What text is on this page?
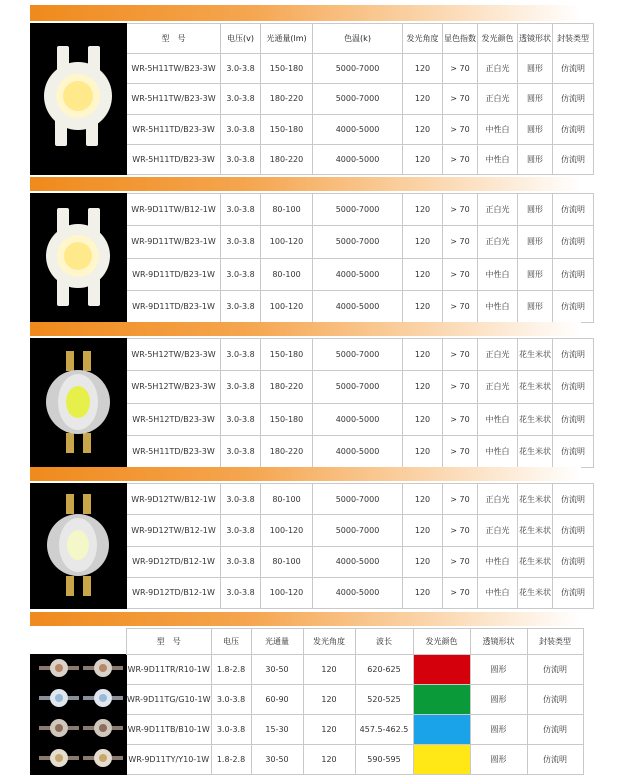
	型　号	电压(v)	光通量(lm)	色温(k)	发光角度	显色指数	发光颜色	透镜形状	封装类型
	WR-5H11TW/B23-3W	3.0-3.8	150-180	5000-7000	120	> 70	正白光	圆形	仿流明
	WR-5H11TW/B23-3W	3.0-3.8	180-220	5000-7000	120	> 70	正白光	圆形	仿流明
	WR-5H11TD/B23-3W	3.0-3.8	150-180	4000-5000	120	> 70	中性白	圆形	仿流明
	WR-5H11TD/B23-3W	3.0-3.8	180-220	4000-5000	120	> 70	中性白	圆形	仿流明
	WR-9D11TW/B12-1W	3.0-3.8	80-100	5000-7000	120	> 70	正白光	圆形	仿流明
	WR-9D11TW/B23-1W	3.0-3.8	100-120	5000-7000	120	> 70	正白光	圆形	仿流明
	WR-9D11TD/B23-1W	3.0-3.8	80-100	4000-5000	120	> 70	中性白	圆形	仿流明
	WR-9D11TD/B23-1W	3.0-3.8	100-120	4000-5000	120	> 70	中性白	圆形	仿流明
	WR-5H12TW/B23-3W	3.0-3.8	150-180	5000-7000	120	> 70	正白光	花生米状	仿流明
	WR-5H12TW/B23-3W	3.0-3.8	180-220	5000-7000	120	> 70	正白光	花生米状	仿流明
	WR-5H12TD/B23-3W	3.0-3.8	150-180	4000-5000	120	> 70	中性白	花生米状	仿流明
	WR-5H11TD/B23-3W	3.0-3.8	180-220	4000-5000	120	> 70	中性白	花生米状	仿流明
	WR-9D12TW/B12-1W	3.0-3.8	80-100	5000-7000	120	> 70	正白光	花生米状	仿流明
	WR-9D12TW/B12-1W	3.0-3.8	100-120	5000-7000	120	> 70	正白光	花生米状	仿流明
	WR-9D12TD/B12-1W	3.0-3.8	80-100	4000-5000	120	> 70	中性白	花生米状	仿流明
	WR-9D12TD/B12-1W	3.0-3.8	100-120	4000-5000	120	> 70	中性白	花生米状	仿流明
	型　号	电压	光通量	发光角度	波长	发光颜色	透镜形状	封装类型
	WR-9D11TR/R10-1W	1.8-2.8	30-50	120	620-625		圆形	仿流明
	WR-9D11TG/G10-1W	3.0-3.8	60-90	120	520-525		圆形	仿流明
	WR-9D11TB/B10-1W	3.0-3.8	15-30	120	457.5-462.5		圆形	仿流明
	WR-9D11TY/Y10-1W	1.8-2.8	30-50	120	590-595		圆形	仿流明
